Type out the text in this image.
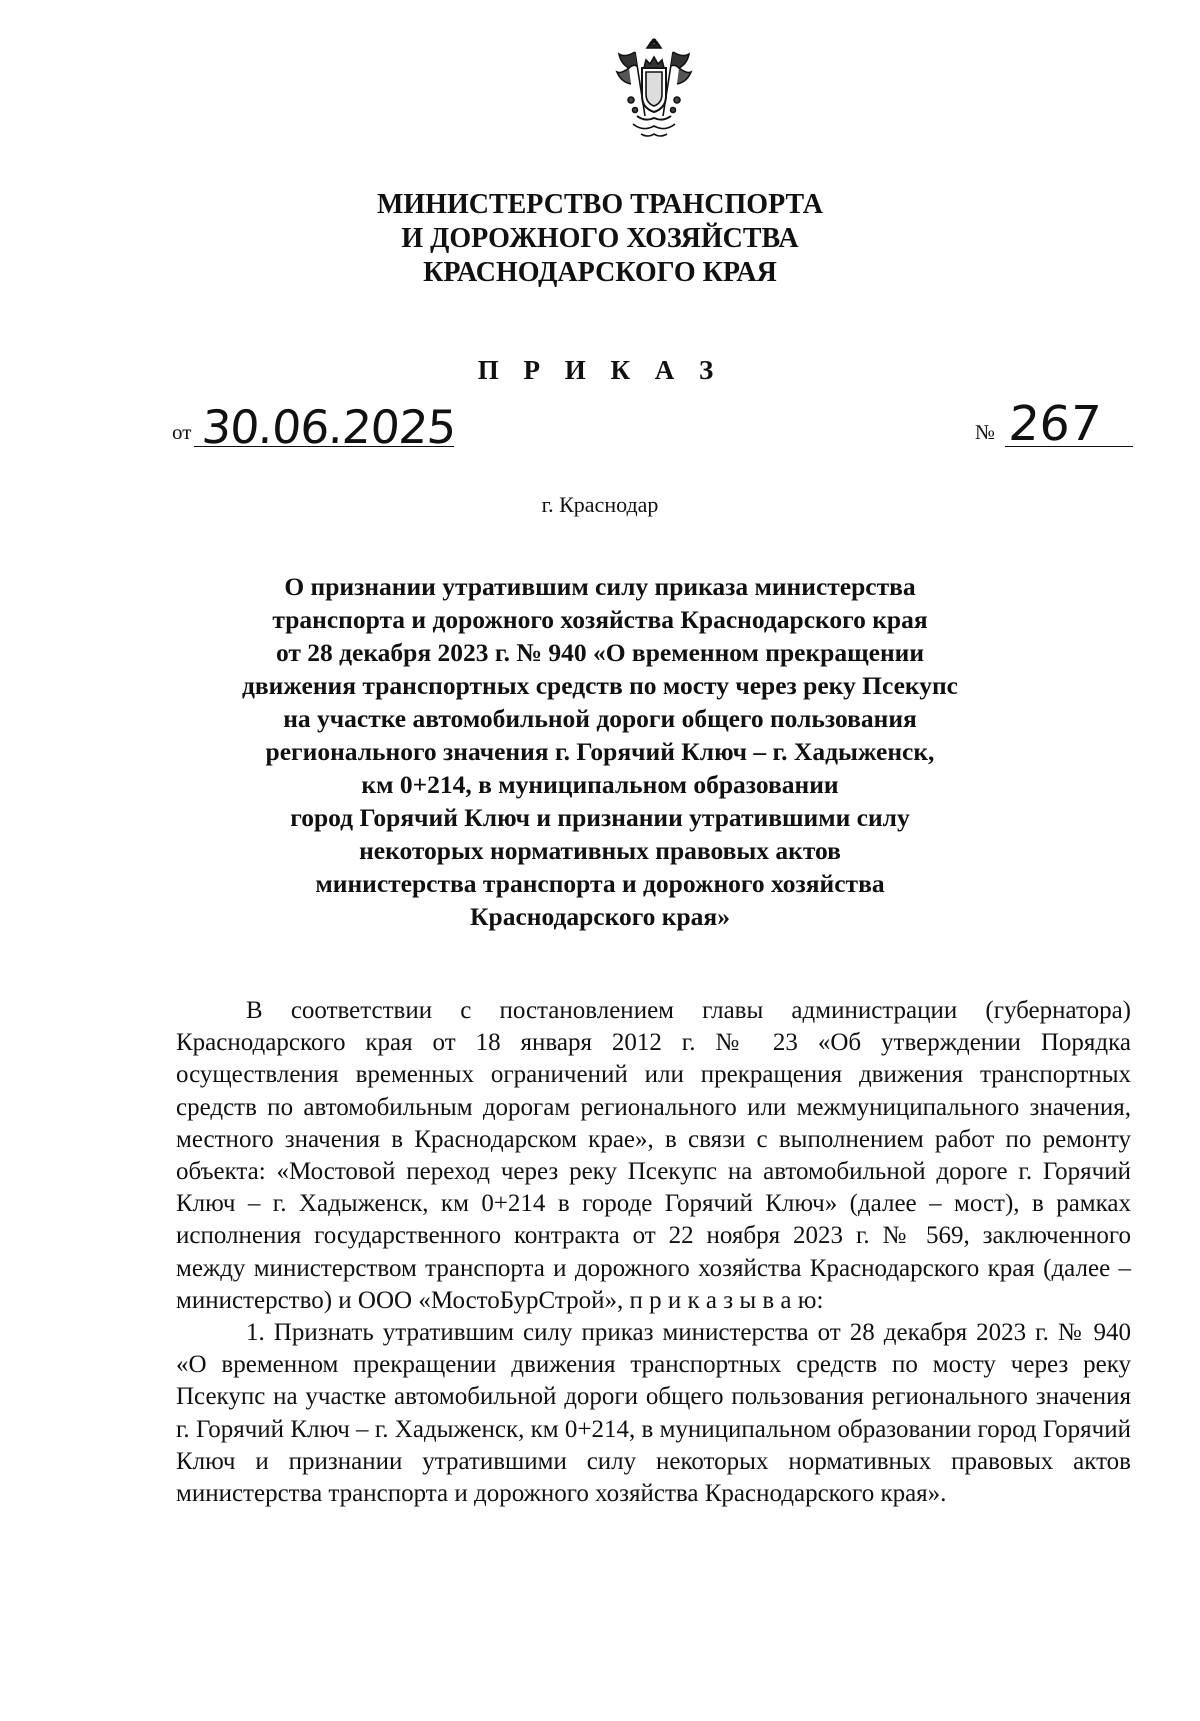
МИНИСТЕРСТВО ТРАНСПОРТА
И ДОРОЖНОГО ХОЗЯЙСТВА
КРАСНОДАРСКОГО КРАЯ
П Р И К А З
от 30.06.2025	№ 267
г. Краснодар
О признании утратившим силу приказа министерства
транспорта и дорожного хозяйства Краснодарского края
от 28 декабря 2023 г. № 940 «О временном прекращении
движения транспортных средств по мосту через реку Псекупс
на участке автомобильной дороги общего пользования
регионального значения г. Горячий Ключ – г. Хадыженск,
км 0+214, в муниципальном образовании
город Горячий Ключ и признании утратившими силу
некоторых нормативных правовых актов
министерства транспорта и дорожного хозяйства
Краснодарского края»

В соответствии с постановлением главы администрации (губернатора) Краснодарского края от 18 января 2012 г. № 23 «Об утверждении Порядка осуществления временных ограничений или прекращения движения транспортных средств по автомобильным дорогам регионального или межмуниципального значения, местного значения в Краснодарском крае», в связи с выполнением работ по ремонту объекта: «Мостовой переход через реку Псекупс на автомобильной дороге г. Горячий Ключ – г. Хадыженск, км 0+214 в городе Горячий Ключ» (далее – мост), в рамках исполнения государственного контракта от 22 ноября 2023 г. № 569, заключенного между министерством транспорта и дорожного хозяйства Краснодарского края (далее – министерство) и ООО «МостоБурСтрой», п р и к а з ы в а ю:

1. Признать утратившим силу приказ министерства от 28 декабря 2023 г. № 940 «О временном прекращении движения транспортных средств по мосту через реку Псекупс на участке автомобильной дороги общего пользования регионального значения г. Горячий Ключ – г. Хадыженск, км 0+214, в муниципальном образовании город Горячий Ключ и признании утратившими силу некоторых нормативных правовых актов министерства транспорта и дорожного хозяйства Краснодарского края».
